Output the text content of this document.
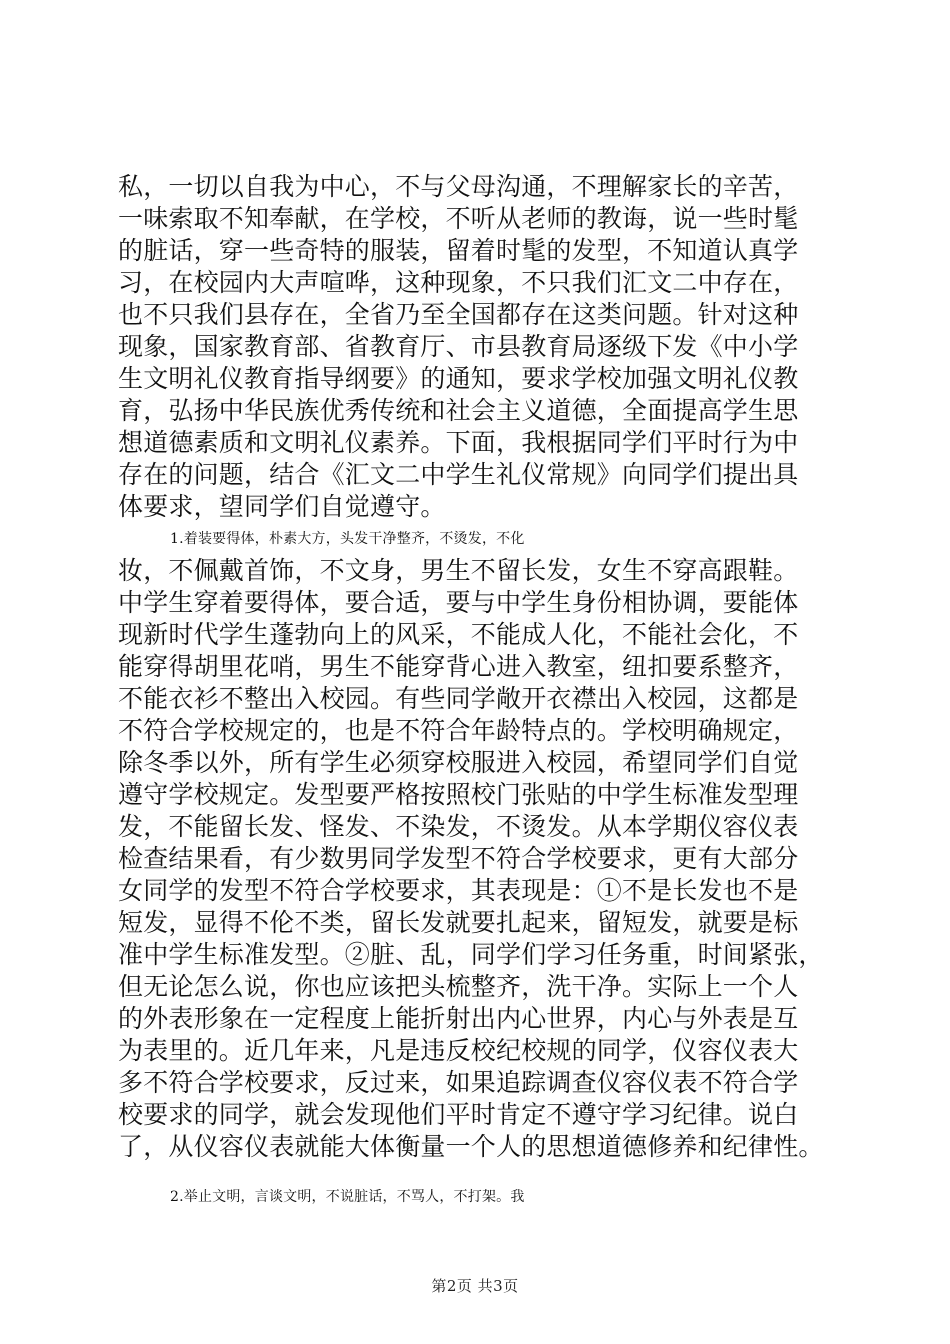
私，一切以自我为中心，不与父母沟通，不理解家长的辛苦，
一味索取不知奉献，在学校，不听从老师的教诲，说一些时髦
的脏话，穿一些奇特的服装，留着时髦的发型，不知道认真学
习，在校园内大声喧哗，这种现象，不只我们汇文二中存在，
也不只我们县存在，全省乃至全国都存在这类问题。针对这种
现象，国家教育部、省教育厅、市县教育局逐级下发《中小学
生文明礼仪教育指导纲要》的通知，要求学校加强文明礼仪教
育，弘扬中华民族优秀传统和社会主义道德，全面提高学生思
想道德素质和文明礼仪素养。下面，我根据同学们平时行为中
存在的问题，结合《汇文二中学生礼仪常规》向同学们提出具
体要求，望同学们自觉遵守。
1.着装要得体，朴素大方，头发干净整齐，不烫发，不化
妆，不佩戴首饰，不文身，男生不留长发，女生不穿高跟鞋。
中学生穿着要得体，要合适，要与中学生身份相协调，要能体
现新时代学生蓬勃向上的风采，不能成人化，不能社会化，不
能穿得胡里花哨，男生不能穿背心进入教室，纽扣要系整齐，
不能衣衫不整出入校园。有些同学敞开衣襟出入校园，这都是
不符合学校规定的，也是不符合年龄特点的。学校明确规定，
除冬季以外，所有学生必须穿校服进入校园，希望同学们自觉
遵守学校规定。发型要严格按照校门张贴的中学生标准发型理
发，不能留长发、怪发、不染发，不烫发。从本学期仪容仪表
检查结果看，有少数男同学发型不符合学校要求，更有大部分
女同学的发型不符合学校要求，其表现是：①不是长发也不是
短发，显得不伦不类，留长发就要扎起来，留短发，就要是标
准中学生标准发型。②脏、乱，同学们学习任务重，时间紧张，
但无论怎么说，你也应该把头梳整齐，洗干净。实际上一个人
的外表形象在一定程度上能折射出内心世界，内心与外表是互
为表里的。近几年来，凡是违反校纪校规的同学，仪容仪表大
多不符合学校要求，反过来，如果追踪调查仪容仪表不符合学
校要求的同学，就会发现他们平时肯定不遵守学习纪律。说白
了，从仪容仪表就能大体衡量一个人的思想道德修养和纪律性。
2.举止文明，言谈文明，不说脏话，不骂人，不打架。我
第2页 共3页
